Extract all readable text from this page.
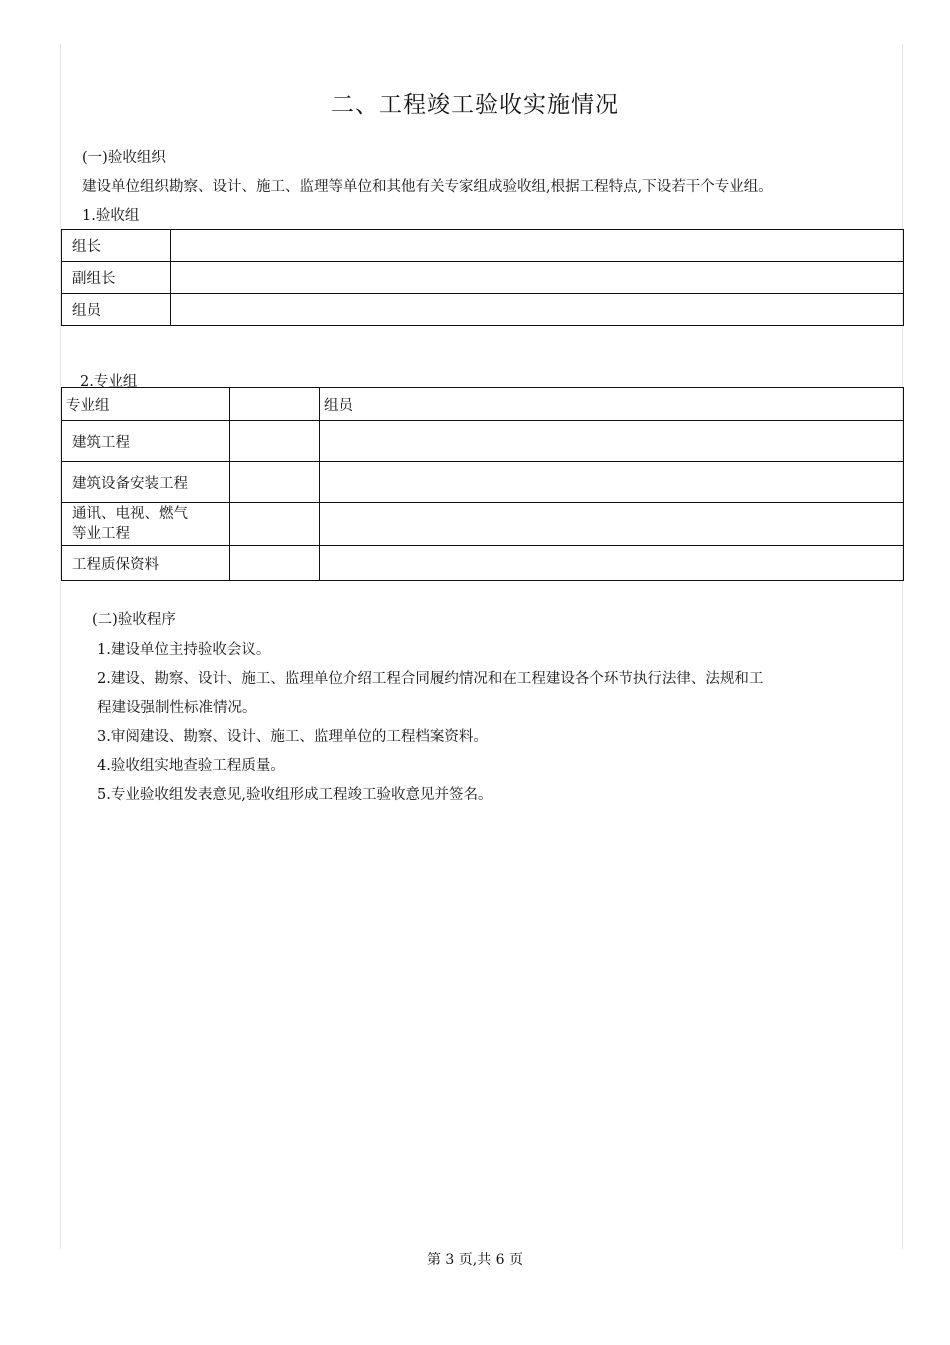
二、工程竣工验收实施情况
(一)验收组织
建设单位组织勘察、设计、施工、监理等单位和其他有关专家组成验收组,根据工程特点,下设若干个专业组。
1.验收组
组长	
副组长	
组员	
2.专业组
专业组		组员
建筑工程		
建筑设备安装工程		

通讯、电视、燃气
等业工程		

工程质保资料		
(二)验收程序
1.建设单位主持验收会议。
2.建设、勘察、设计、施工、监理单位介绍工程合同履约情况和在工程建设各个环节执行法律、法规和工
程建设强制性标准情况。
3.审阅建设、勘察、设计、施工、监理单位的工程档案资料。
4.验收组实地查验工程质量。
5.专业验收组发表意见,验收组形成工程竣工验收意见并签名。
第 3 页,共 6 页
